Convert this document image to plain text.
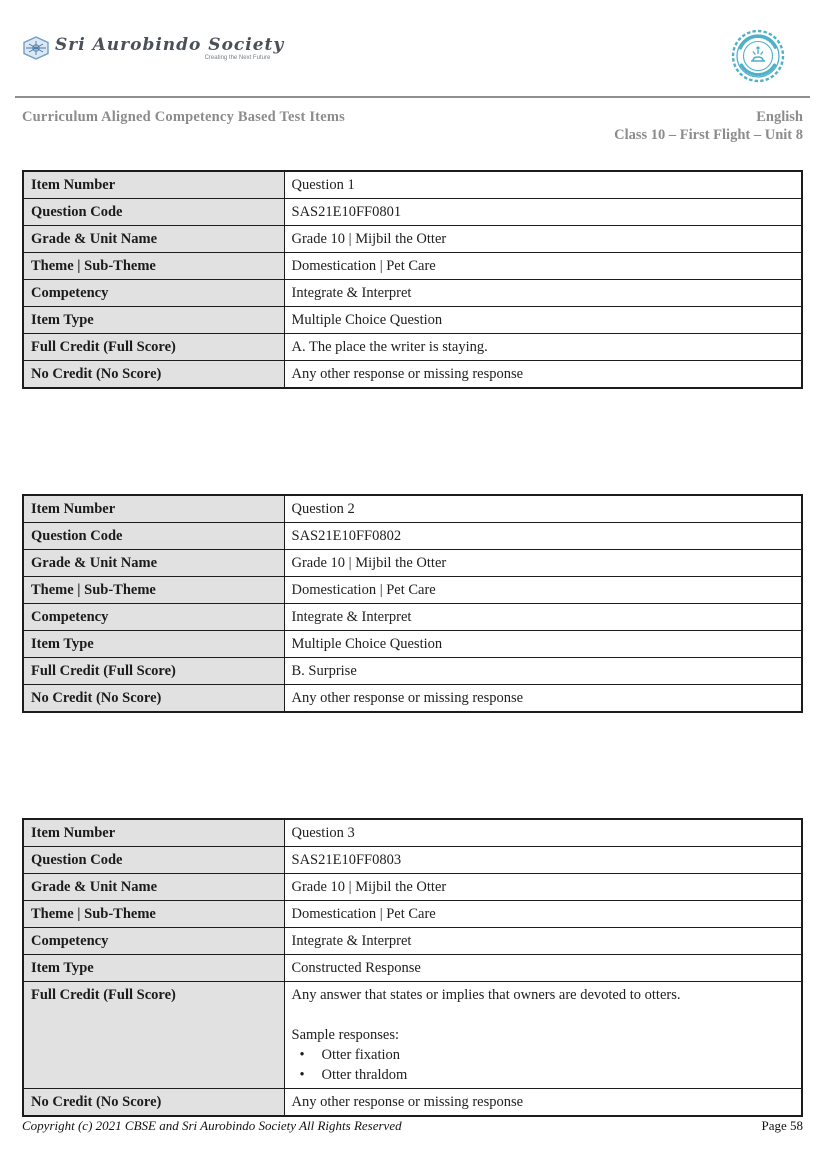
Sri Aurobindo Society
Creating the Next Future
Curriculum Aligned Competency Based Test Items	English
Class 10 – First Flight – Unit 8
Item Number	Question 1
Question Code	SAS21E10FF0801
Grade & Unit Name	Grade 10 | Mijbil the Otter
Theme | Sub-Theme	Domestication | Pet Care
Competency	Integrate & Interpret
Item Type	Multiple Choice Question
Full Credit (Full Score)	A. The place the writer is staying.
No Credit (No Score)	Any other response or missing response
Item Number	Question 2
Question Code	SAS21E10FF0802
Grade & Unit Name	Grade 10 | Mijbil the Otter
Theme | Sub-Theme	Domestication | Pet Care
Competency	Integrate & Interpret
Item Type	Multiple Choice Question
Full Credit (Full Score)	B. Surprise
No Credit (No Score)	Any other response or missing response
Item Number	Question 3
Question Code	SAS21E10FF0803
Grade & Unit Name	Grade 10 | Mijbil the Otter
Theme | Sub-Theme	Domestication | Pet Care
Competency	Integrate & Interpret
Item Type	Constructed Response
Full Credit (Full Score)	Any answer that states or implies that owners are devoted to otters.
Sample responses:
•	Otter fixation
•	Otter thraldom

No Credit (No Score)	Any other response or missing response
Copyright (c) 2021 CBSE and Sri Aurobindo Society All Rights Reserved	Page 58
